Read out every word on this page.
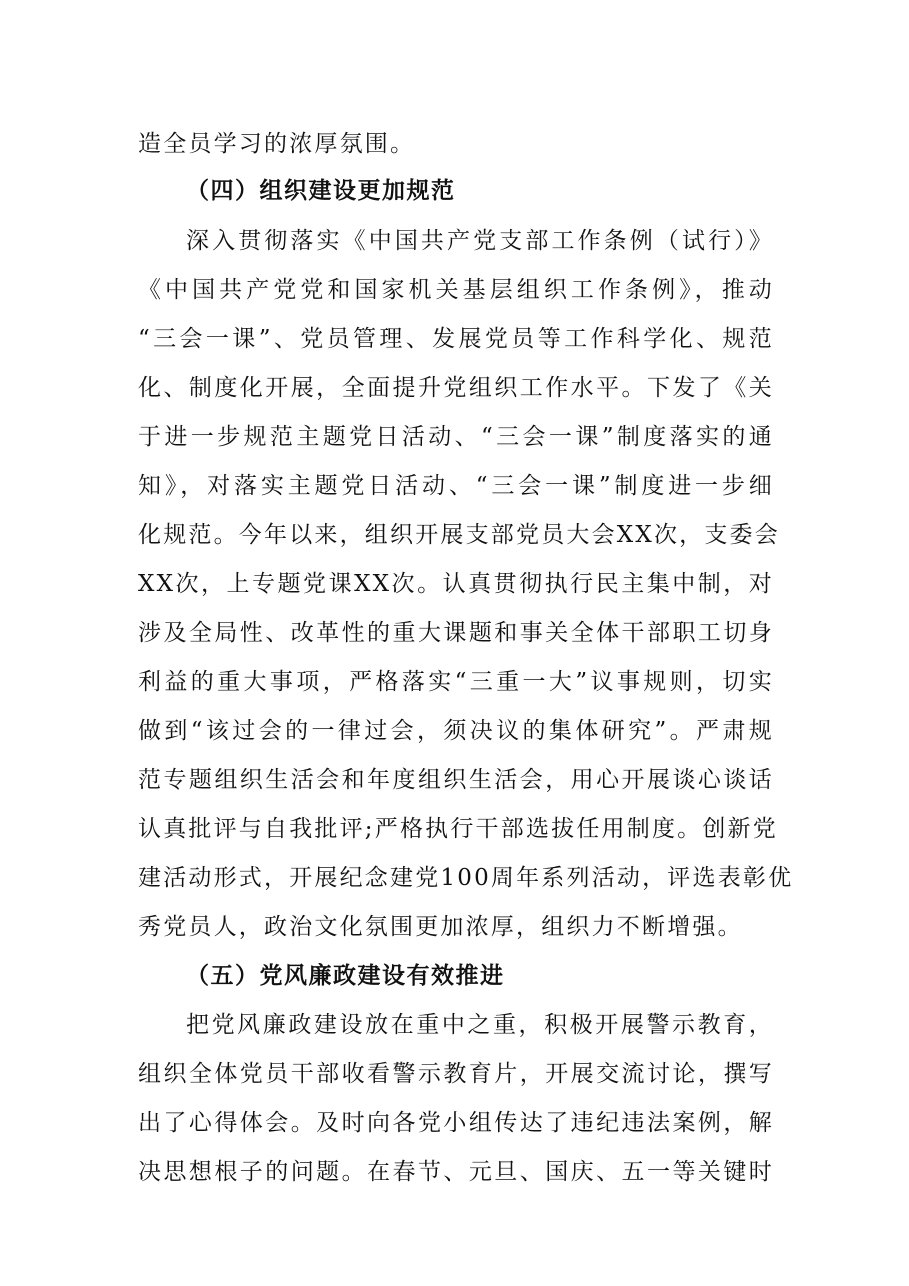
造全员学习的浓厚氛围。
（四）组织建设更加规范
深入贯彻落实《中国共产党支部工作条例（试行）》
《中国共产党党和国家机关基层组织工作条例》，推动
“三会一课”、党员管理、发展党员等工作科学化、规范
化、制度化开展，全面提升党组织工作水平。下发了《关
于进一步规范主题党日活动、“三会一课”制度落实的通
知》，对落实主题党日活动、“三会一课”制度进一步细
化规范。今年以来，组织开展支部党员大会XX次，支委会
XX次，上专题党课XX次。认真贯彻执行民主集中制，对
涉及全局性、改革性的重大课题和事关全体干部职工切身
利益的重大事项，严格落实“三重一大”议事规则，切实
做到“该过会的一律过会，须决议的集体研究”。严肃规
范专题组织生活会和年度组织生活会，用心开展谈心谈话
认真批评与自我批评;严格执行干部选拔任用制度。创新党
建活动形式，开展纪念建党100周年系列活动，评选表彰优
秀党员人，政治文化氛围更加浓厚，组织力不断增强。
（五）党风廉政建设有效推进
把党风廉政建设放在重中之重，积极开展警示教育，
组织全体党员干部收看警示教育片，开展交流讨论，撰写
出了心得体会。及时向各党小组传达了违纪违法案例，解
决思想根子的问题。在春节、元旦、国庆、五一等关键时
